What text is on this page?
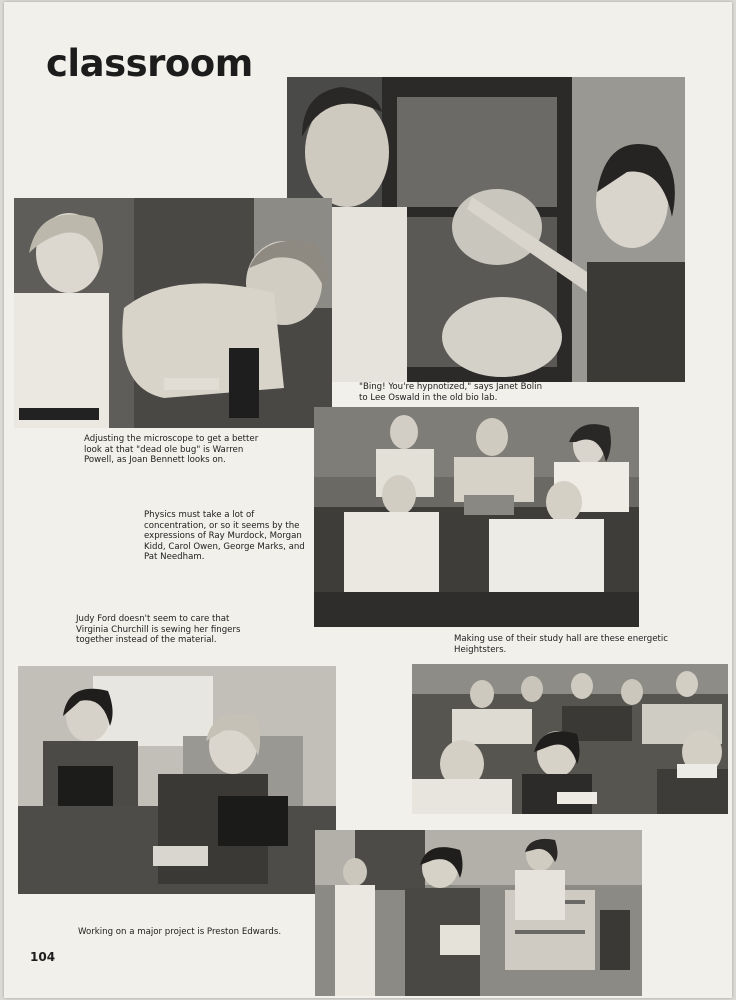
classroom

"Bing! You're hypnotized," says Janet Bolin to Lee Oswald in the old bio lab.

Adjusting the microscope to get a better look at that "dead ole bug" is Warren Powell, as Joan Bennett looks on.

Physics must take a lot of concentration, or so it seems by the expressions of Ray Murdock, Morgan Kidd, Carol Owen, George Marks, and Pat Needham.

Judy Ford doesn't seem to care that Virginia Churchill is sewing her fingers together instead of the material.	Making use of their study hall are these energetic Heightsters.

Working on a major project is Preston Edwards.

104
